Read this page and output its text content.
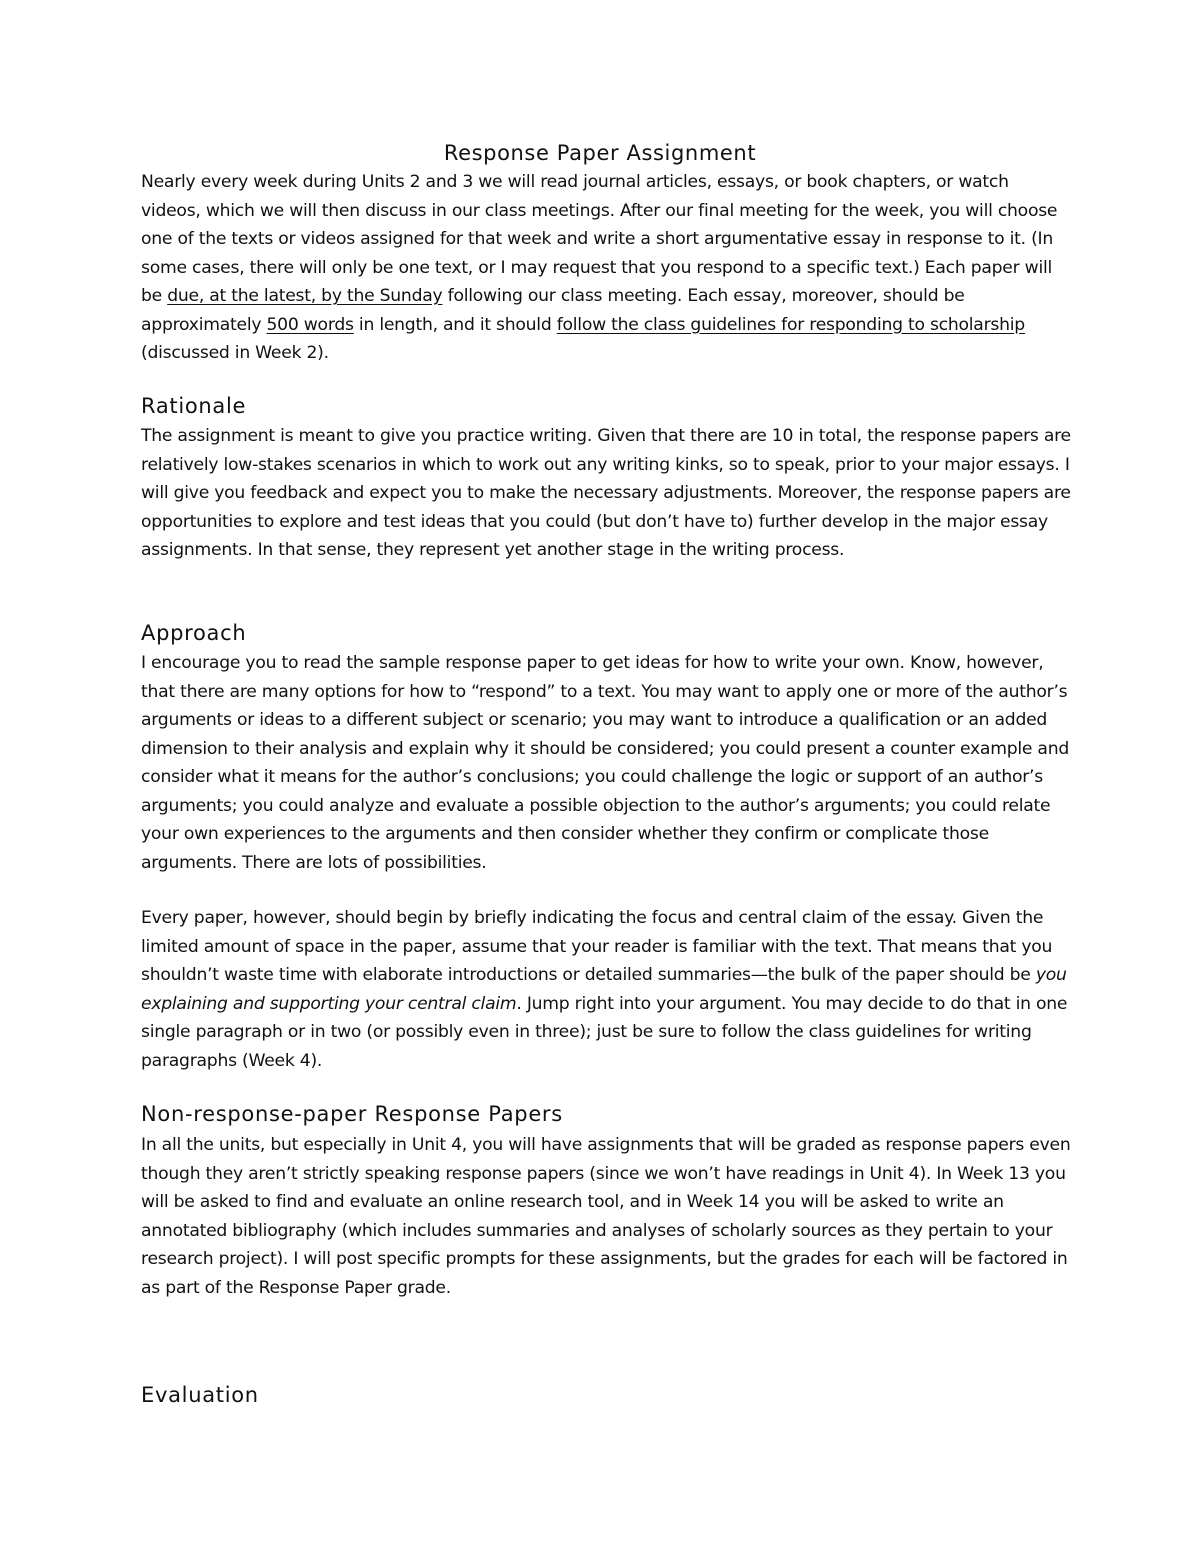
Response Paper Assignment

Nearly every week during Units 2 and 3 we will read journal articles, essays, or book chapters, or watch videos, which we will then discuss in our class meetings. After our final meeting for the week, you will choose one of the texts or videos assigned for that week and write a short argumentative essay in response to it. (In some cases, there will only be one text, or I may request that you respond to a specific text.) Each paper will be due, at the latest, by the Sunday following our class meeting. Each essay, moreover, should be approximately 500 words in length, and it should follow the class guidelines for responding to scholarship (discussed in Week 2).

Rationale

The assignment is meant to give you practice writing. Given that there are 10 in total, the response papers are relatively low-stakes scenarios in which to work out any writing kinks, so to speak, prior to your major essays. I will give you feedback and expect you to make the necessary adjustments. Moreover, the response papers are opportunities to explore and test ideas that you could (but don’t have to) further develop in the major essay assignments. In that sense, they represent yet another stage in the writing process.

Approach

I encourage you to read the sample response paper to get ideas for how to write your own. Know, however, that there are many options for how to “respond” to a text. You may want to apply one or more of the author’s arguments or ideas to a different subject or scenario; you may want to introduce a qualification or an added dimension to their analysis and explain why it should be considered; you could present a counter example and consider what it means for the author’s conclusions; you could challenge the logic or support of an author’s arguments; you could analyze and evaluate a possible objection to the author’s arguments; you could relate your own experiences to the arguments and then consider whether they confirm or complicate those arguments. There are lots of possibilities.

Every paper, however, should begin by briefly indicating the focus and central claim of the essay. Given the limited amount of space in the paper, assume that your reader is familiar with the text. That means that you shouldn’t waste time with elaborate introductions or detailed summaries—the bulk of the paper should be you explaining and supporting your central claim. Jump right into your argument. You may decide to do that in one single paragraph or in two (or possibly even in three); just be sure to follow the class guidelines for writing paragraphs (Week 4).

Non-response-paper Response Papers

In all the units, but especially in Unit 4, you will have assignments that will be graded as response papers even though they aren’t strictly speaking response papers (since we won’t have readings in Unit 4). In Week 13 you will be asked to find and evaluate an online research tool, and in Week 14 you will be asked to write an annotated bibliography (which includes summaries and analyses of scholarly sources as they pertain to your research project). I will post specific prompts for these assignments, but the grades for each will be factored in as part of the Response Paper grade.

Evaluation
